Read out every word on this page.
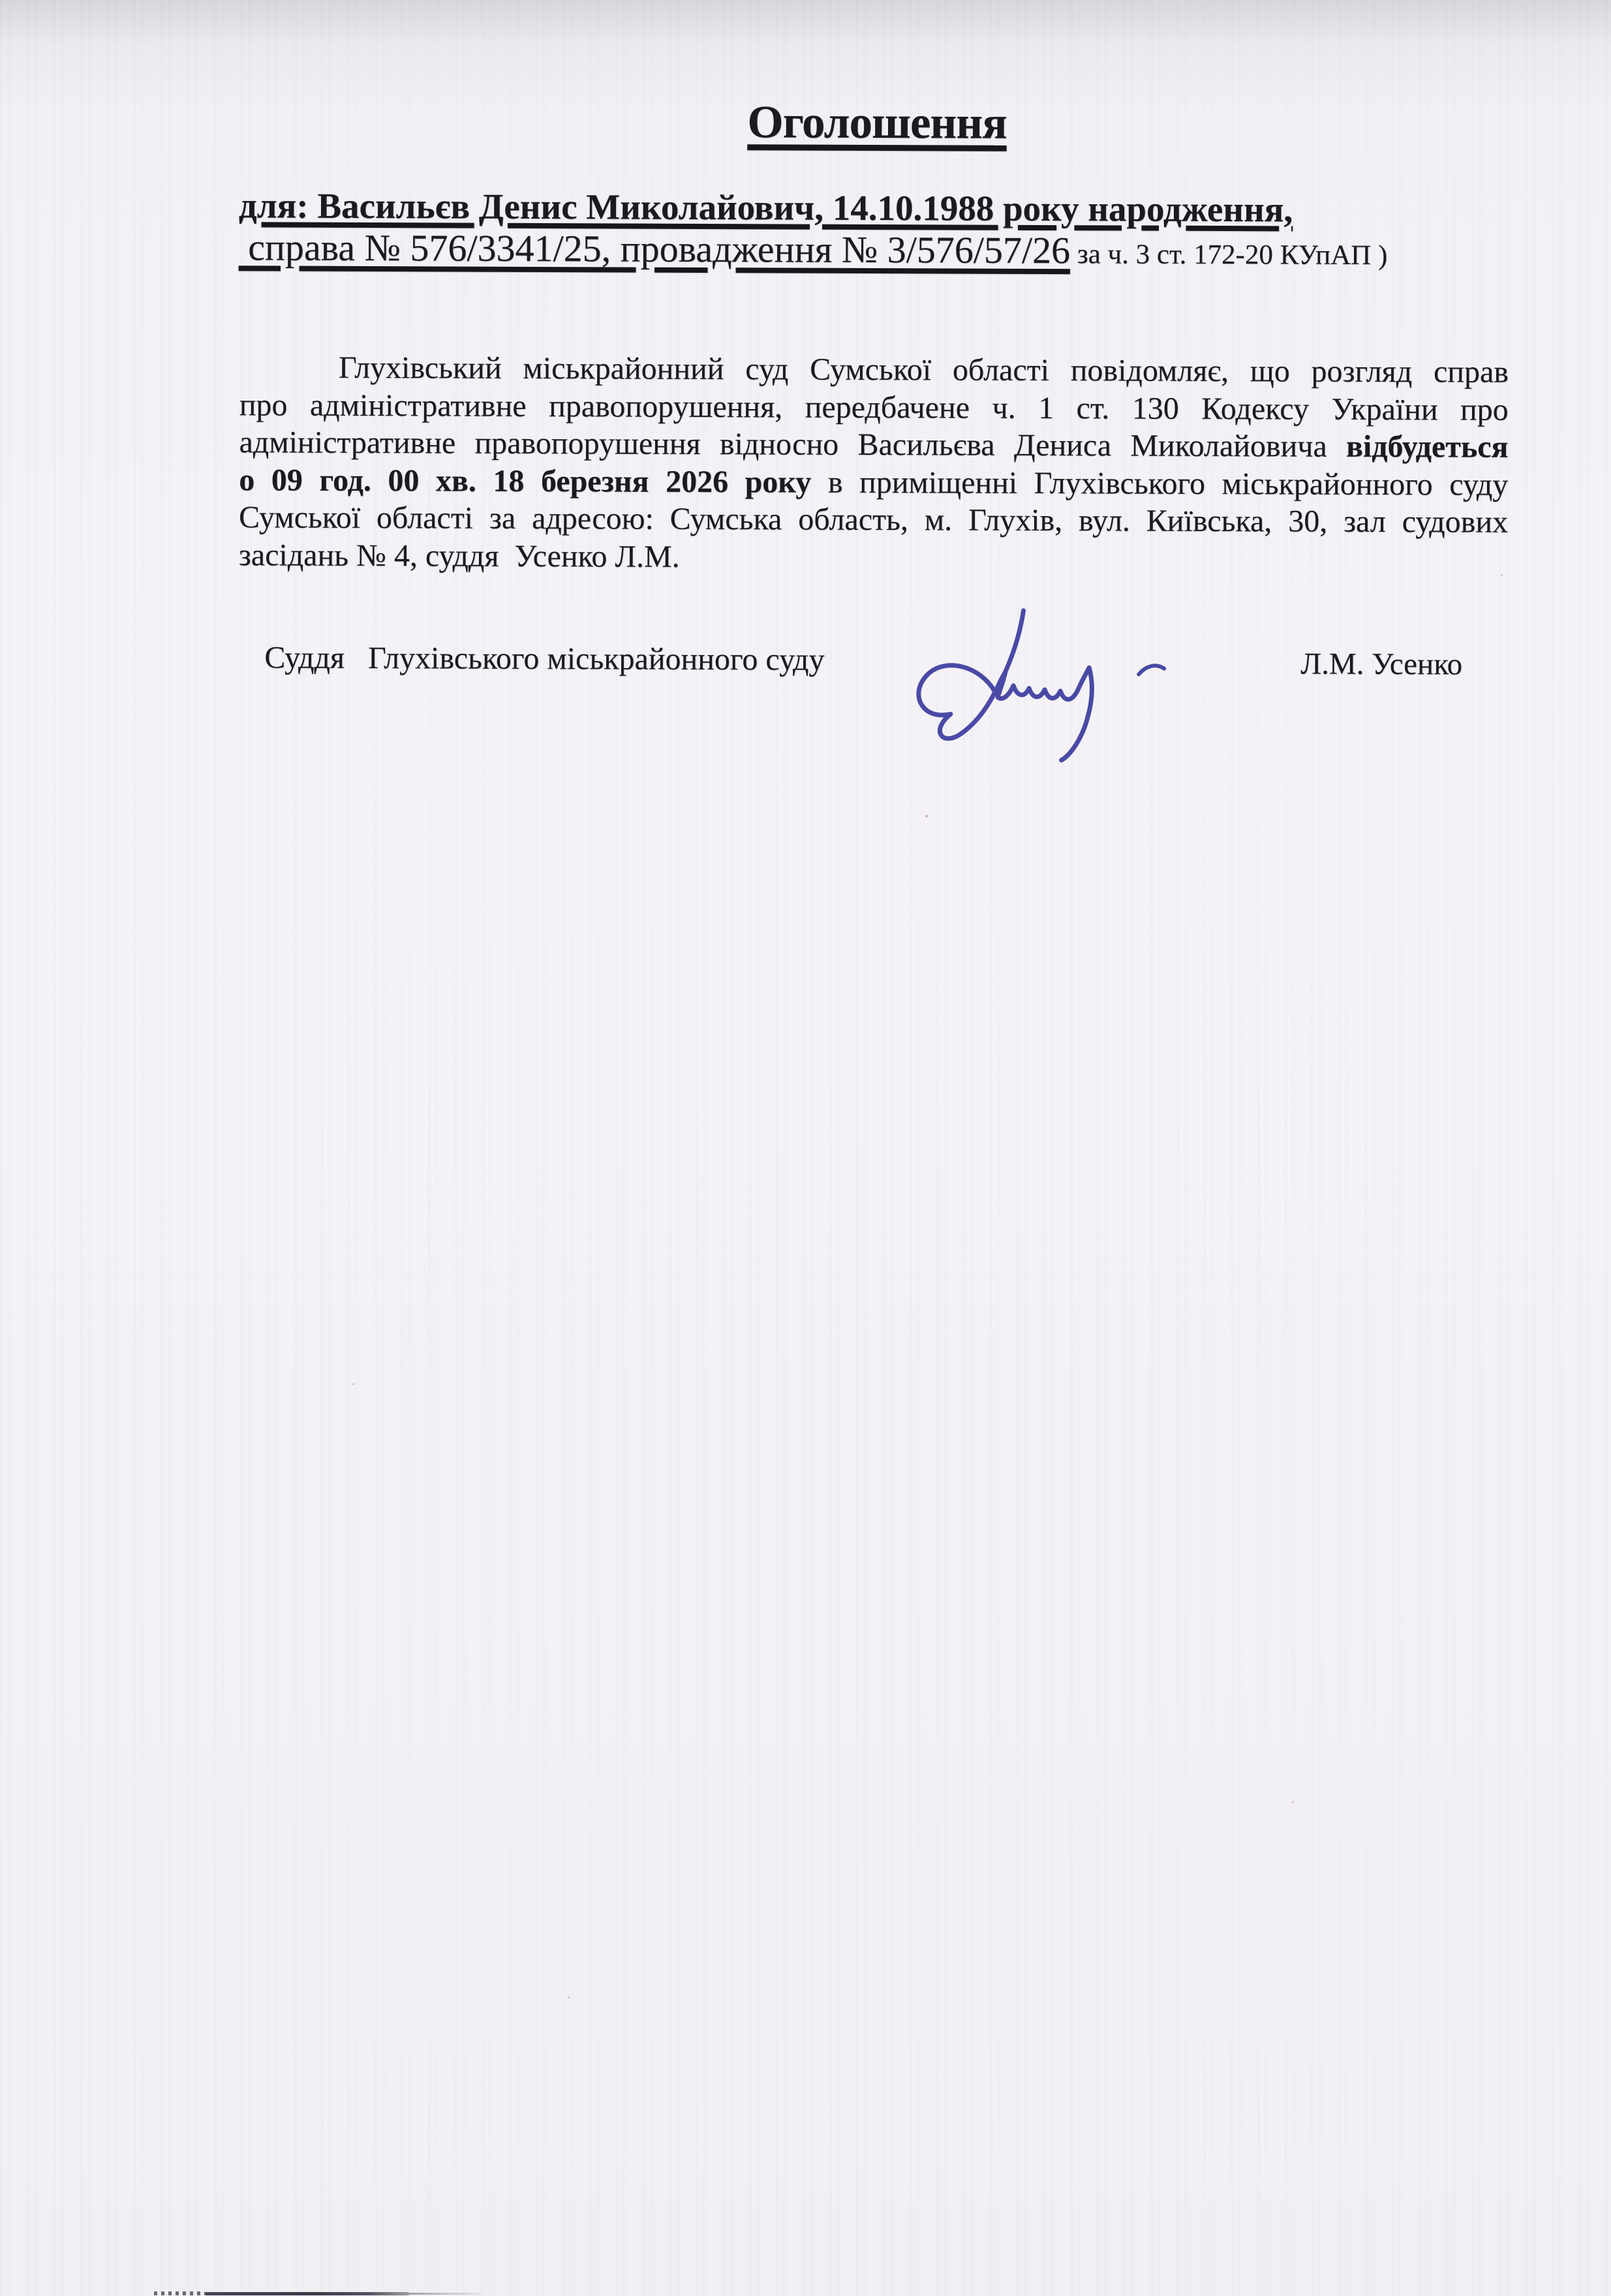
Оголошення
для: Васильєв Денис Миколайович, 14.10.1988 року народження,
справа № 576/3341/25, провадження № 3/576/57/26 за ч. 3 ст. 172-20 КУпАП )
Глухівський міськрайонний суд Сумської області повідомляє, що розгляд справ
про адміністративне правопорушення, передбачене ч. 1 ст. 130 Кодексу України про
адміністративне правопорушення відносно Васильєва Дениса Миколайовича відбудеться
о 09 год. 00 хв. 18 березня 2026 року в приміщенні Глухівського міськрайонного суду
Сумської області за адресою: Сумська область, м. Глухів, вул. Київська, 30, зал судових
засідань № 4, суддя  Усенко Л.М.
Суддя   Глухівського міськрайонного суду	Л.М. Усенко
